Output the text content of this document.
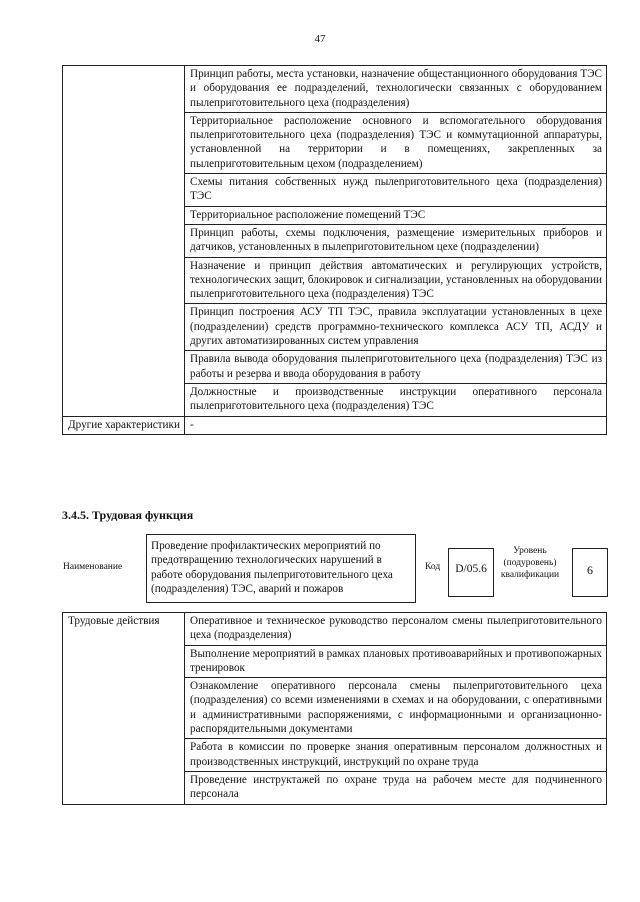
47
	Принцип работы, места установки, назначение общестанционного оборудования ТЭС и оборудования ее подразделений, технологически связанных с оборудованием пылеприготовительного цеха (подразделения)
	Территориальное расположение основного и вспомогательного оборудования пылеприготовительного цеха (подразделения) ТЭС и коммутационной аппаратуры, установленной на территории и в помещениях, закрепленных за пылеприготовительным цехом (подразделением)
	Схемы питания собственных нужд пылеприготовительного цеха (подразделения) ТЭС
	Территориальное расположение помещений ТЭС
	Принцип работы, схемы подключения, размещение измерительных приборов и датчиков, установленных в пылеприготовительном цехе (подразделении)
	Назначение и принцип действия автоматических и регулирующих устройств, технологических защит, блокировок и сигнализации, установленных на оборудовании пылеприготовительного цеха (подразделения) ТЭС
	Принцип построения АСУ ТП ТЭС, правила эксплуатации установленных в цехе (подразделении) средств программно-технического комплекса АСУ ТП, АСДУ и других автоматизированных систем управления
	Правила вывода оборудования пылеприготовительного цеха (подразделения) ТЭС из работы и резерва и ввода оборудования в работу
	Должностные и производственные инструкции оперативного персонала пылеприготовительного цеха (подразделения) ТЭС
Другие характеристики	-
3.4.5. Трудовая функция
Наименование
Проведение профилактических мероприятий по предотвращению технологических нарушений в работе оборудования пылеприготовительного цеха (подразделения) ТЭС, аварий и пожаров
Код	D/05.6
Уровень (подуровень) квалификации	6
Трудовые действия	Оперативное и техническое руководство персоналом смены пылеприготовительного цеха (подразделения)
Выполнение мероприятий в рамках плановых противоаварийных и противопожарных тренировок
Ознакомление оперативного персонала смены пылеприготовительного цеха (подразделения) со всеми изменениями в схемах и на оборудовании, с оперативными и административными распоряжениями, с информационными и организационно-распорядительными документами
Работа в комиссии по проверке знания оперативным персоналом должностных и производственных инструкций, инструкций по охране труда
Проведение инструктажей по охране труда на рабочем месте для подчиненного персонала
